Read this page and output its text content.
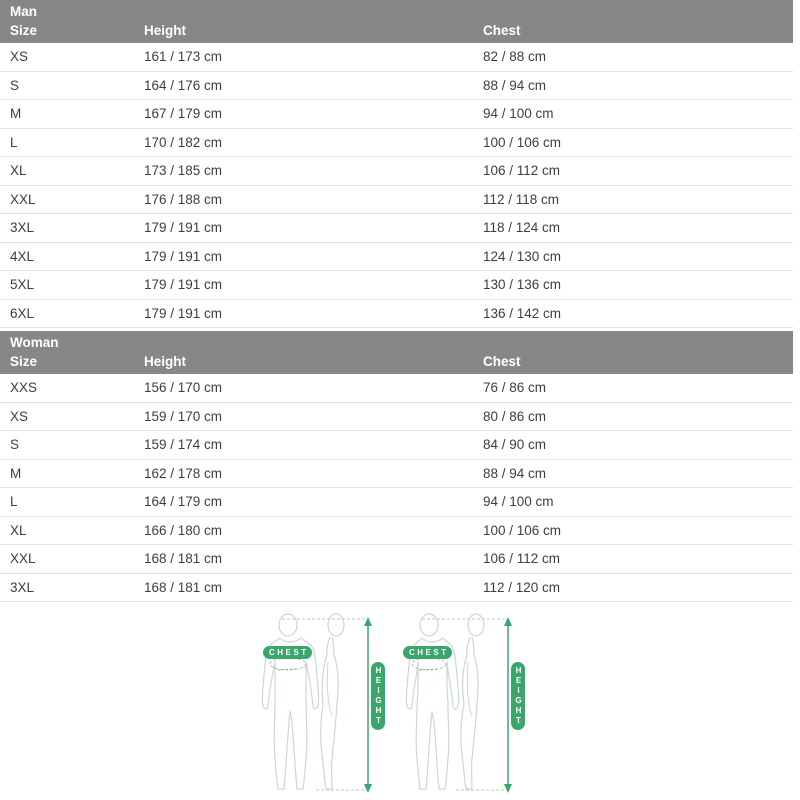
Man
Size	Height	Chest
XS	161 / 173 cm	82 / 88 cm
S	164 / 176 cm	88 / 94 cm
M	167 / 179 cm	94 / 100 cm
L	170 / 182 cm	100 / 106 cm
XL	173 / 185 cm	106 / 112 cm
XXL	176 / 188 cm	112 / 118 cm
3XL	179 / 191 cm	118 / 124 cm
4XL	179 / 191 cm	124 / 130 cm
5XL	179 / 191 cm	130 / 136 cm
6XL	179 / 191 cm	136 / 142 cm
Woman
Size	Height	Chest
XXS	156 / 170 cm	76 / 86 cm
XS	159 / 170 cm	80 / 86 cm
S	159 / 174 cm	84 / 90 cm
M	162 / 178 cm	88 / 94 cm
L	164 / 179 cm	94 / 100 cm
XL	166 / 180 cm	100 / 106 cm
XXL	168 / 181 cm	106 / 112 cm
3XL	168 / 181 cm	112 / 120 cm
CHEST
HEIGHT
CHEST
HEIGHT
